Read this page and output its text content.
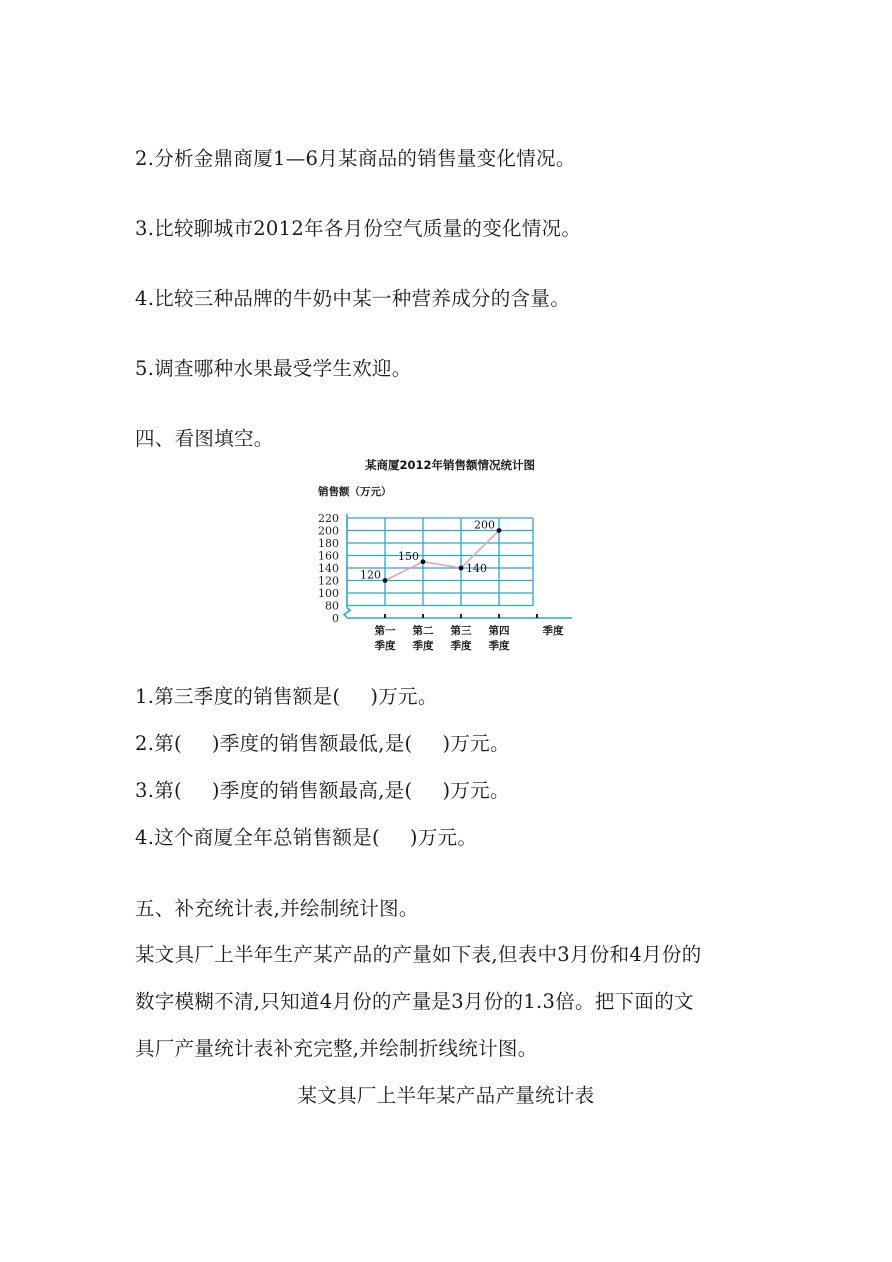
2.分析金鼎商厦1—6月某商品的销售量变化情况。
3.比较聊城市2012年各月份空气质量的变化情况。
4.比较三种品牌的牛奶中某一种营养成分的含量。
5.调查哪种水果最受学生欢迎。
四、看图填空。
某商厦2012年销售额情况统计图
销售额（万元）
220
200
180
160
140
120
100
80
0
第一
季度
第二
季度
第三
季度
第四
季度
季度
120
150
140
200
1.第三季度的销售额是( )万元。
2.第( )季度的销售额最低,是( )万元。
3.第( )季度的销售额最高,是( )万元。
4.这个商厦全年总销售额是( )万元。
五、补充统计表,并绘制统计图。
某文具厂上半年生产某产品的产量如下表,但表中3月份和4月份的
数字模糊不清,只知道4月份的产量是3月份的1.3倍。把下面的文
具厂产量统计表补充完整,并绘制折线统计图。
某文具厂上半年某产品产量统计表
